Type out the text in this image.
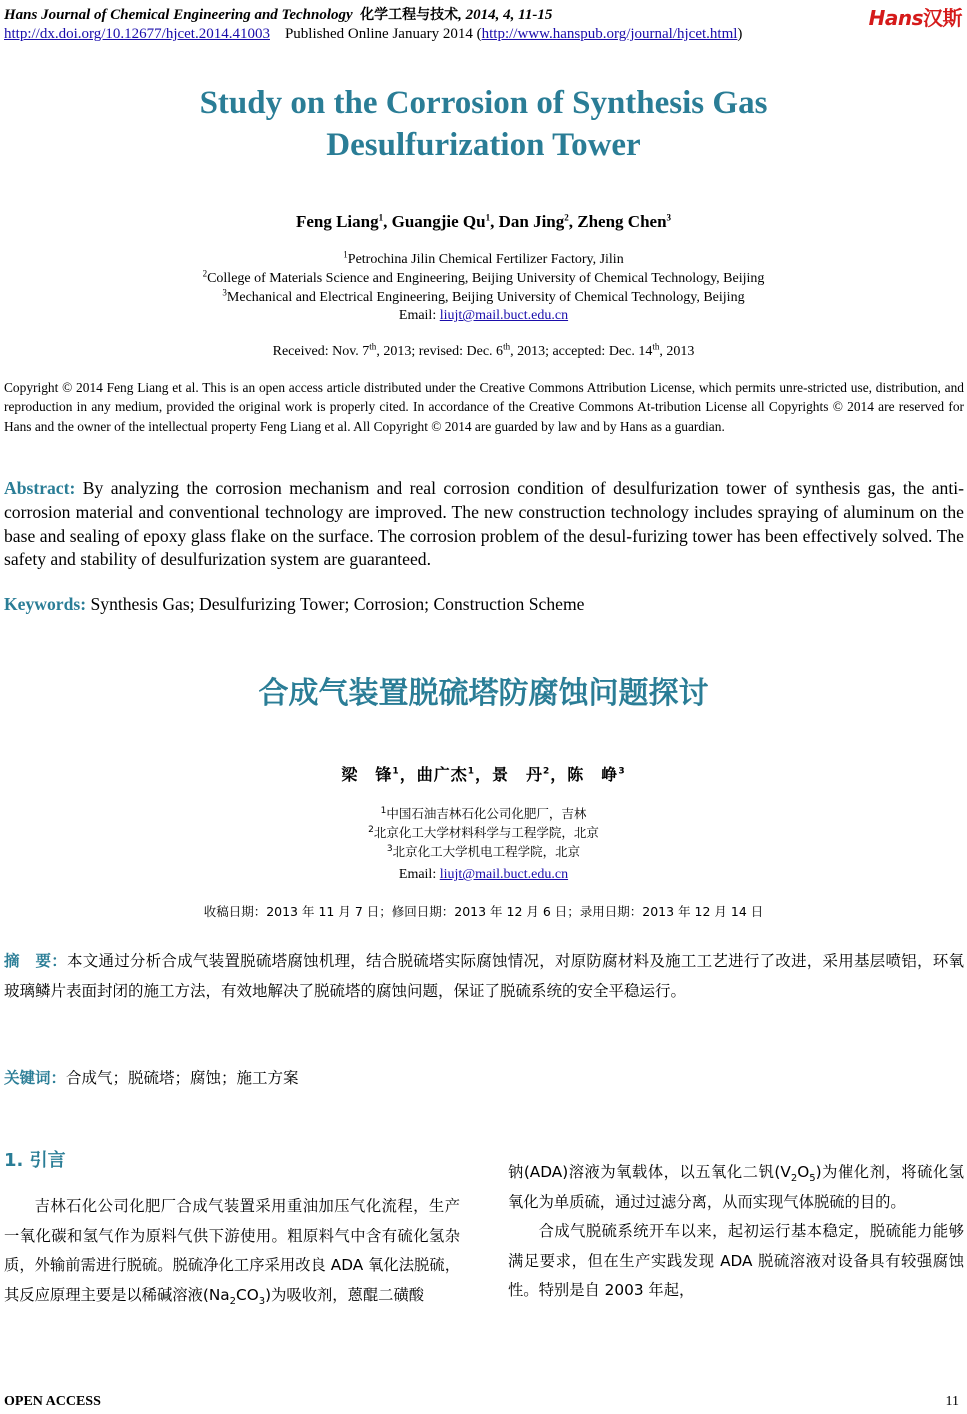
Hans Journal of Chemical Engineering and Technology 化学工程与技术, 2014, 4, 11-15
http://dx.doi.org/10.12677/hjcet.2014.41003 Published Online January 2014 (http://www.hanspub.org/journal/hjcet.html)
Hans汉斯
Study on the Corrosion of Synthesis Gas
Desulfurization Tower
Feng Liang$^1$, Guangjie Qu$^1$, Dan Jing$^2$, Zheng Chen$^3$
$^1$Petrochina Jilin Chemical Fertilizer Factory, Jilin
$^2$College of Materials Science and Engineering, Beijing University of Chemical Technology, Beijing
$^3$Mechanical and Electrical Engineering, Beijing University of Chemical Technology, Beijing
Email: liujt@mail.buct.edu.cn
Received: Nov. 7th, 2013; revised: Dec. 6th, 2013; accepted: Dec. 14th, 2013
Copyright © 2014 Feng Liang et al. This is an open access article distributed under the Creative Commons Attribution License, which permits unre-stricted use, distribution, and reproduction in any medium, provided the original work is properly cited. In accordance of the Creative Commons At-tribution License all Copyrights © 2014 are reserved for Hans and the owner of the intellectual property Feng Liang et al. All Copyright © 2014 are guarded by law and by Hans as a guardian.
Abstract: By analyzing the corrosion mechanism and real corrosion condition of desulfurization tower of synthesis gas, the anti-corrosion material and conventional technology are improved. The new construction technology includes spraying of aluminum on the base and sealing of epoxy glass flake on the surface. The corrosion problem of the desul-furizing tower has been effectively solved. The safety and stability of desulfurization system are guaranteed.
Keywords: Synthesis Gas; Desulfurizing Tower; Corrosion; Construction Scheme
合成气装置脱硫塔防腐蚀问题探讨
梁　锋$^1$，曲广杰$^1$，景　丹$^2$，陈　峥$^3$
$^1$中国石油吉林石化公司化肥厂，吉林
$^2$北京化工大学材料科学与工程学院，北京
$^3$北京化工大学机电工程学院，北京
Email: liujt@mail.buct.edu.cn
收稿日期：2013 年 11 月 7 日；修回日期：2013 年 12 月 6 日；录用日期：2013 年 12 月 14 日
摘　要：本文通过分析合成气装置脱硫塔腐蚀机理，结合脱硫塔实际腐蚀情况，对原防腐材料及施工工艺进行了改进，采用基层喷铝，环氧玻璃鳞片表面封闭的施工方法，有效地解决了脱硫塔的腐蚀问题，保证了脱硫系统的安全平稳运行。
关键词：合成气；脱硫塔；腐蚀；施工方案
1. 引言

吉林石化公司化肥厂合成气装置采用重油加压气化流程，生产一氧化碳和氢气作为原料气供下游使用。粗原料气中含有硫化氢杂质，外输前需进行脱硫。脱硫净化工序采用改良 ADA 氧化法脱硫，其反应原理主要是以稀碱溶液$(Na_2CO_3)$为吸收剂，蒽醌二磺酸

钠(ADA)溶液为氧载体，以五氧化二钒$(V_2O_5)$为催化剂，将硫化氢氧化为单质硫，通过过滤分离，从而实现气体脱硫的目的。

合成气脱硫系统开车以来，起初运行基本稳定，脱硫能力能够满足要求，但在生产实践发现 ADA 脱硫溶液对设备具有较强腐蚀性。特别是自 2003 年起，

OPEN ACCESS	11
